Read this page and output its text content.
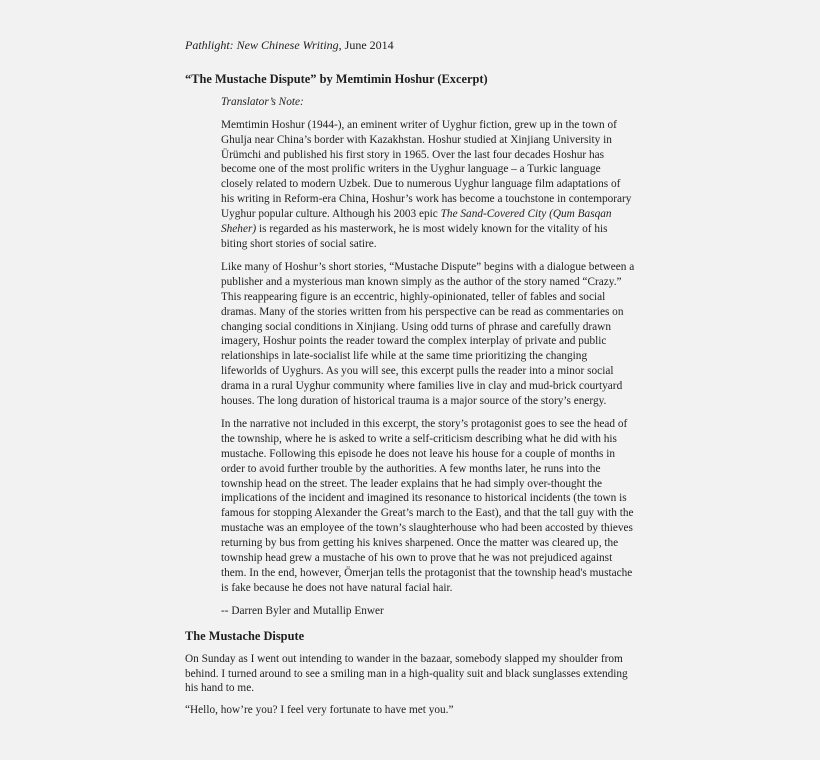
Pathlight: New Chinese Writing, June 2014

“The Mustache Dispute” by Memtimin Hoshur (Excerpt)

Translator’s Note:

Memtimin Hoshur (1944-), an eminent writer of Uyghur fiction, grew up in the town of Ghulja near China’s border with Kazakhstan. Hoshur studied at Xinjiang University in Ürümchi and published his first story in 1965. Over the last four decades Hoshur has become one of the most prolific writers in the Uyghur language – a Turkic language closely related to modern Uzbek. Due to numerous Uyghur language film adaptations of his writing in Reform-era China, Hoshur’s work has become a touchstone in contemporary Uyghur popular culture. Although his 2003 epic The Sand-Covered City (Qum Basqan Sheher) is regarded as his masterwork, he is most widely known for the vitality of his biting short stories of social satire.

Like many of Hoshur’s short stories, “Mustache Dispute” begins with a dialogue between a publisher and a mysterious man known simply as the author of the story named “Crazy.” This reappearing figure is an eccentric, highly-opinionated, teller of fables and social dramas. Many of the stories written from his perspective can be read as commentaries on changing social conditions in Xinjiang. Using odd turns of phrase and carefully drawn imagery, Hoshur points the reader toward the complex interplay of private and public relationships in late-socialist life while at the same time prioritizing the changing lifeworlds of Uyghurs. As you will see, this excerpt pulls the reader into a minor social drama in a rural Uyghur community where families live in clay and mud-brick courtyard houses. The long duration of historical trauma is a major source of the story’s energy.

In the narrative not included in this excerpt, the story’s protagonist goes to see the head of the township, where he is asked to write a self-criticism describing what he did with his mustache. Following this episode he does not leave his house for a couple of months in order to avoid further trouble by the authorities. A few months later, he runs into the township head on the street. The leader explains that he had simply over-thought the implications of the incident and imagined its resonance to historical incidents (the town is famous for stopping Alexander the Great’s march to the East), and that the tall guy with the mustache was an employee of the town’s slaughterhouse who had been accosted by thieves returning by bus from getting his knives sharpened. Once the matter was cleared up, the township head grew a mustache of his own to prove that he was not prejudiced against them. In the end, however, Ömerjan tells the protagonist that the township head's mustache is fake because he does not have natural facial hair.

-- Darren Byler and Mutallip Enwer

The Mustache Dispute

On Sunday as I went out intending to wander in the bazaar, somebody slapped my shoulder from behind. I turned around to see a smiling man in a high-quality suit and black sunglasses extending his hand to me.

“Hello, how’re you? I feel very fortunate to have met you.”
